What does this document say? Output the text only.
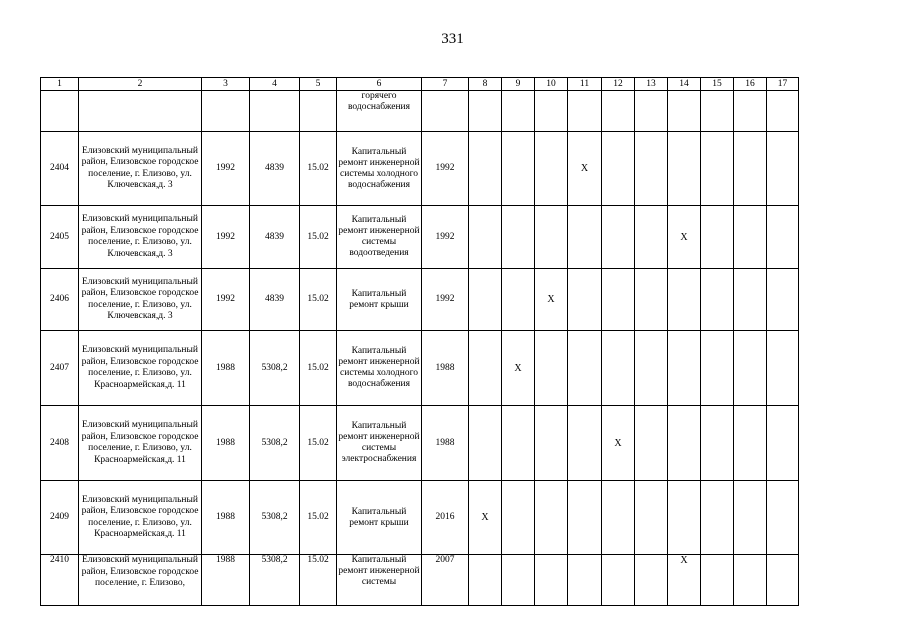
331
1	2	3	4	5	6	7	8	9	10	11	12	13	14	15	16	17
					горячего водоснабжения											
2404	Елизовский муниципальный район, Елизовское городское поселение, г. Елизово, ул. Ключевская,д. 3	1992	4839	15.02	Капитальный ремонт инженерной системы холодного водоснабжения	1992				X						
2405	Елизовский муниципальный район, Елизовское городское поселение, г. Елизово, ул. Ключевская,д. 3	1992	4839	15.02	Капитальный ремонт инженерной системы водоотведения	1992							X			
2406	Елизовский муниципальный район, Елизовское городское поселение, г. Елизово, ул. Ключевская,д. 3	1992	4839	15.02	Капитальный ремонт крыши	1992			X							
2407	Елизовский муниципальный район, Елизовское городское поселение, г. Елизово, ул. Красноармейская,д. 11	1988	5308,2	15.02	Капитальный ремонт инженерной системы холодного водоснабжения	1988		X								
2408	Елизовский муниципальный район, Елизовское городское поселение, г. Елизово, ул. Красноармейская,д. 11	1988	5308,2	15.02	Капитальный ремонт инженерной системы электроснабжения	1988					X					
2409	Елизовский муниципальный район, Елизовское городское поселение, г. Елизово, ул. Красноармейская,д. 11	1988	5308,2	15.02	Капитальный ремонт крыши	2016	X									
2410	Елизовский муниципальный район, Елизовское городское поселение, г. Елизово,	1988	5308,2	15.02	Капитальный ремонт инженерной системы	2007							X			
